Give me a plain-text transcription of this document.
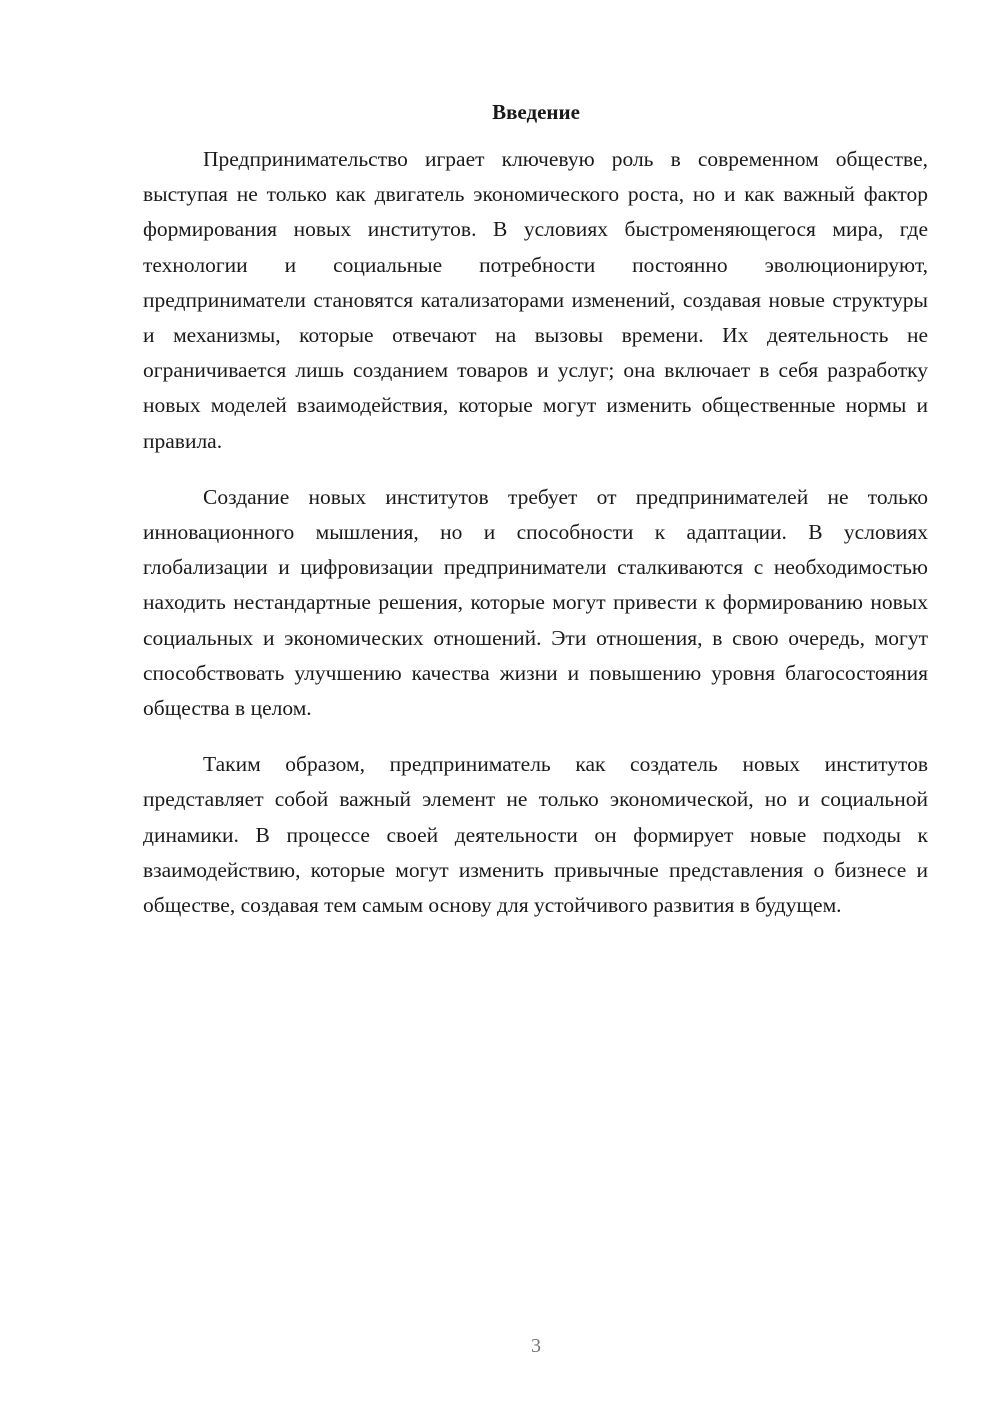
Введение

Предпринимательство играет ключевую роль в современном обществе, выступая не только как двигатель экономического роста, но и как важный фактор формирования новых институтов. В условиях быстроменяющегося мира, где технологии и социальные потребности постоянно эволюционируют, предприниматели становятся катализаторами изменений, создавая новые структуры и механизмы, которые отвечают на вызовы времени. Их деятельность не ограничивается лишь созданием товаров и услуг; она включает в себя разработку новых моделей взаимодействия, которые могут изменить общественные нормы и правила.

Создание новых институтов требует от предпринимателей не только инновационного мышления, но и способности к адаптации. В условиях глобализации и цифровизации предприниматели сталкиваются с необходимостью находить нестандартные решения, которые могут привести к формированию новых социальных и экономических отношений. Эти отношения, в свою очередь, могут способствовать улучшению качества жизни и повышению уровня благосостояния общества в целом.

Таким образом, предприниматель как создатель новых институтов представляет собой важный элемент не только экономической, но и социальной динамики. В процессе своей деятельности он формирует новые подходы к взаимодействию, которые могут изменить привычные представления о бизнесе и обществе, создавая тем самым основу для устойчивого развития в будущем.

3
